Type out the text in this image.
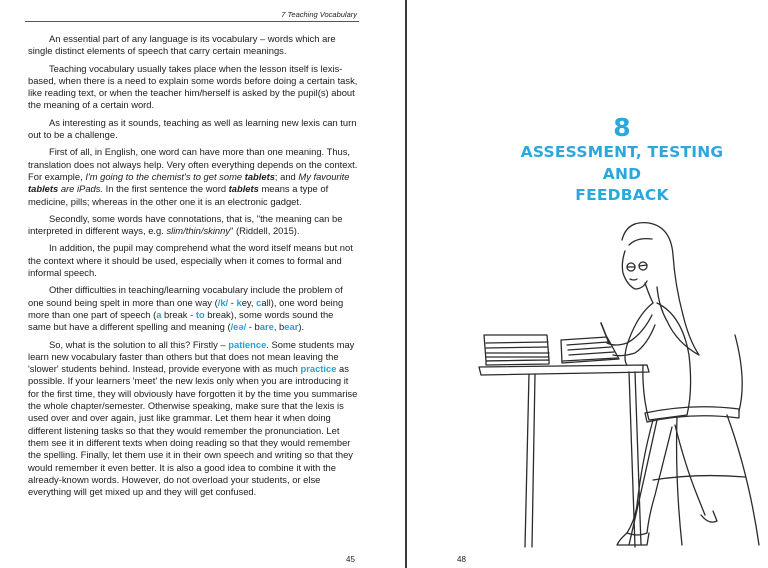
7 Teaching Vocabulary

An essential part of any language is its vocabulary – words which are single distinct elements of speech that carry certain meanings.

Teaching vocabulary usually takes place when the lesson itself is lexis-based, when there is a need to explain some words before doing a certain task, like reading text, or when the teacher him/herself is asked by the pupil(s) about the meaning of a certain word.

As interesting as it sounds, teaching as well as learning new lexis can turn out to be a challenge.

First of all, in English, one word can have more than one meaning. Thus, translation does not always help. Very often everything depends on the context. For example, I'm going to the chemist's to get some tablets; and My favourite tablets are iPads. In the first sentence the word tablets means a type of medicine, pills; whereas in the other one it is an electronic gadget.

Secondly, some words have connotations, that is, "the meaning can be interpreted in different ways, e.g. slim/thin/skinny" (Riddell, 2015).

In addition, the pupil may comprehend what the word itself means but not the context where it should be used, especially when it comes to formal and informal speech.

Other difficulties in teaching/learning vocabulary include the problem of one sound being spelt in more than one way (/k/ - key, call), one word being more than one part of speech (a break - to break), some words sound the same but have a different spelling and meaning (/eə/ - bare, bear).

So, what is the solution to all this? Firstly – patience. Some students may learn new vocabulary faster than others but that does not mean leaving the 'slower' students behind. Instead, provide everyone with as much practice as possible. If your learners 'meet' the new lexis only when you are introducing it for the first time, they will obviously have forgotten it by the time you summarise the whole chapter/semester. Otherwise speaking, make sure that the lexis is used over and over again, just like grammar. Let them hear it when doing different listening tasks so that they would remember the pronunciation. Let them see it in different texts when doing reading so that they would remember the spelling. Finally, let them use it in their own speech and writing so that they would remember it even better. It is also a good idea to combine it with the already-known words. However, do not overload your students, or else everything will get mixed up and they will get confused.

45
8
ASSESSMENT, TESTING
AND
FEEDBACK
48
